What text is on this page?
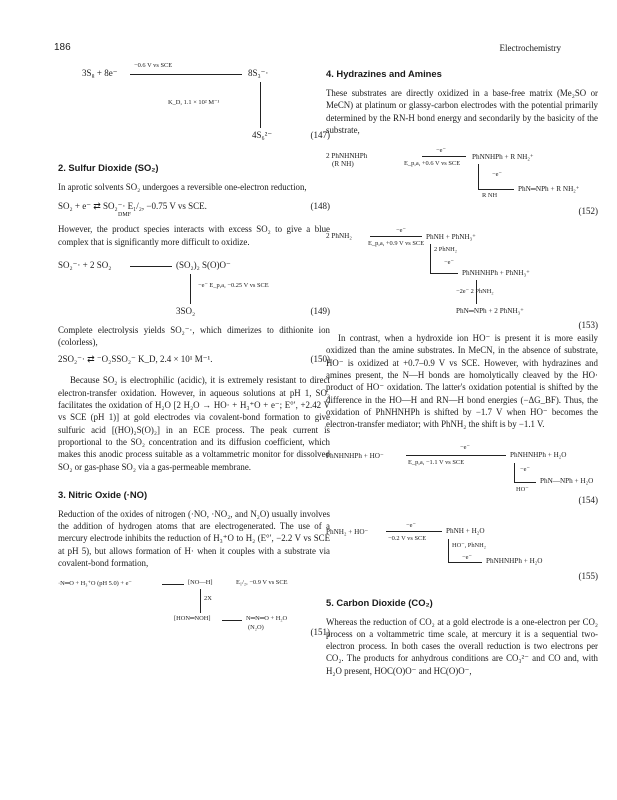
186	Electrochemistry
3S₈ + 8e⁻
−0.6 V vs SCE
8S₃⁻·
K_D, 1.1 × 10² M⁻¹
4S₆²⁻	(147)
2. Sulfur Dioxide (SO₂)

In aprotic solvents SO₂ undergoes a reversible one-electron reduction,

SO₂ + e⁻ ⇄ SO₂⁻· E₁/₂, −0.75 V vs SCE.
DMF
(148)

However, the product species interacts with excess SO₂ to give a blue complex that is significantly more difficult to oxidize.

SO₂⁻· + 2 SO₂	(SO₂)₂ S(O)O⁻
−e⁻ E_p,a, −0.25 V vs SCE
3SO₂	(149)

Complete electrolysis yields SO₂⁻·, which dimerizes to dithionite ion (colorless),

2SO₂⁻· ⇄ ⁻O₂SSO₂⁻ K_D, 2.4 × 10¹ M⁻¹.	(150)

Because SO₂ is electrophilic (acidic), it is extremely resistant to direct electron-transfer oxidation. However, in aqueous solutions at pH 1, SO₂ facilitates the oxidation of H₂O [2 H₂O → HO· + H₃⁺O + e⁻; E°′, +2.42 V vs SCE (pH 1)] at gold electrodes via covalent-bond formation to give sulfuric acid [(HO)₂S(O)₂] in an ECE process. The peak current is proportional to the SO₂ concentration and its diffusion coefficient, which makes this anodic process suitable as a voltammetric monitor for dissolved SO₂ or gas-phase SO₂ via a gas-permeable membrane.

3. Nitric Oxide (·NO)

Reduction of the oxides of nitrogen (·NO, ·NO₂, and N₂O) usually involves the addition of hydrogen atoms that are electrogenerated. The use of a mercury electrode inhibits the reduction of H₃⁺O to H₂ (E°′, −2.2 V vs SCE at pH 5), but allows formation of H· when it couples with a substrate via covalent-bond formation,

·N═O + H₃⁺O (pH 5.0) + e⁻	[NO—H]	E₁/₂, −0.9 V vs SCE
2X
[HON═NOH]	N═N═O + H₂O
(N₂O)	(151)
4. Hydrazines and Amines

These substrates are directly oxidized in a base-free matrix (Me₂SO or MeCN) at platinum or glassy-carbon electrodes with the potential primarily determined by the RN-H bond energy and secondarily by the basicity of the substrate,

2 PhNHNHPh
(R NH)
−e⁻
E_p,a, +0.6 V vs SCE
PhNNHPh + R NH₂⁺
−e⁻
R NH
PhN═NPh + R NH₂⁺
(152)
2 PhNH₂
−e⁻
E_p,a, +0.9 V vs SCE
PhNH + PhNH₃⁺
2 PhNH₂
−e⁻
PhNHNHPh + PhNH₃⁺
−2e⁻ 2 PhNH₂
PhN═NPh + 2 PhNH₃⁺
(153)

In contrast, when a hydroxide ion HO⁻ is present it is more easily oxidized than the amine substrates. In MeCN, in the absence of substrate, HO⁻ is oxidized at +0.7–0.9 V vs SCE. However, with hydrazines and amines present, the N—H bonds are homolytically cleaved by the HO· product of HO⁻ oxidation. The latter's oxidation potential is shifted by the difference in the HO—H and RN—H bond energies (−ΔG_BF). Thus, the oxidation of PhNHNHPh is shifted by −1.7 V when HO⁻ becomes the electron-transfer mediator; with PhNH₂ the shift is by −1.1 V.

PhNHNHPh + HO⁻
−e⁻
E_p,a, −1.1 V vs SCE
PhNHNHPh + H₂O
−e⁻
HO⁻
PhN—NPh + H₂O
(154)
PhNH₂ + HO⁻
−e⁻
−0.2 V vs SCE
PhNH + H₂O
HO⁻, PhNH₂
−e⁻ PhNHNHPh + H₂O
(155)
5. Carbon Dioxide (CO₂)

Whereas the reduction of CO₂ at a gold electrode is a one-electron per CO₂ process on a voltammetric time scale, at mercury it is a sequential two-electron process. In both cases the overall reduction is two electrons per CO₂. The products for anhydrous conditions are CO₃²⁻ and CO and, with H₂O present, HOC(O)O⁻ and HC(O)O⁻,
